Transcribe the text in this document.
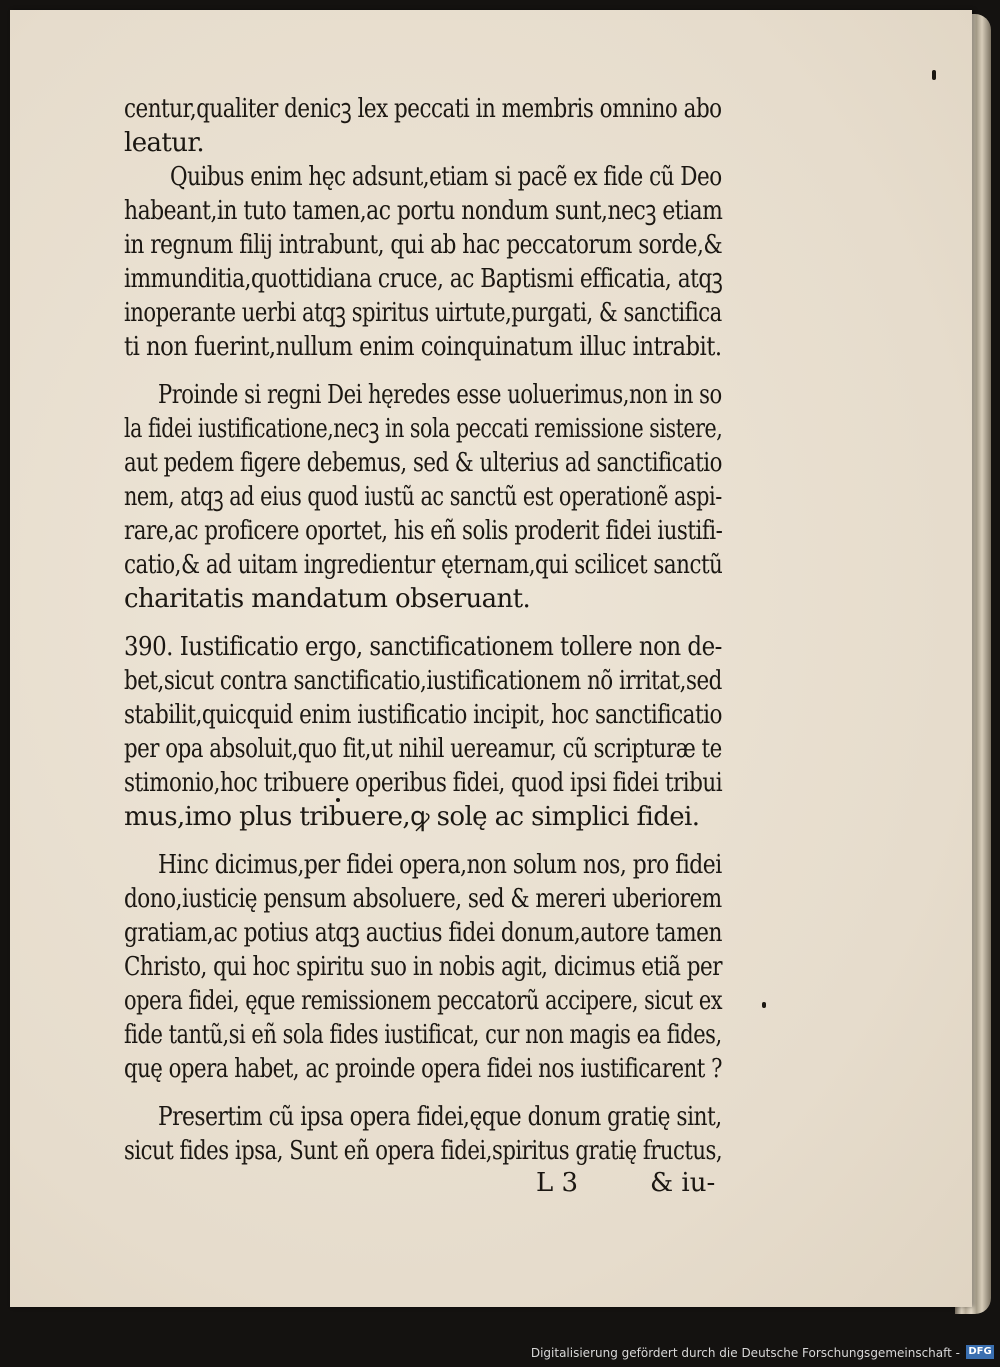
centur,qualiter denicꝫ lex peccati in membris omnino abo
leatur.
Quibus enim hęc adsunt,etiam si pacẽ ex fide cũ Deo
habeant,in tuto tamen,ac portu nondum sunt,necꝫ etiam
in regnum filij intrabunt, qui ab hac peccatorum sorde,&
immunditia,quottidiana cruce, ac Baptismi efficatia, atqꝫ
inoperante uerbi atqꝫ spiritus uirtute,purgati, & sanctifica
ti non fuerint,nullum enim coinquinatum illuc intrabit.
Proinde si regni Dei hęredes esse uoluerimus,non in so
la fidei iustificatione,necꝫ in sola peccati remissione sistere,
aut pedem figere debemus, sed & ulterius ad sanctificatio
nem, atqꝫ ad eius quod iustũ ac sanctũ est operationẽ aspi-
rare,ac proficere oportet, his eñ solis proderit fidei iustifi-
catio,& ad uitam ingredientur ęternam,qui scilicet sanctũ
charitatis mandatum obseruant.
390. Iustificatio ergo, sanctificationem tollere non de-
bet,sicut contra sanctificatio,iustificationem nõ irritat,sed
stabilit,quicquid enim iustificatio incipit, hoc sanctificatio
per opa absoluit,quo fit,ut nihil uereamur, cũ scripturæ te
stimonio,hoc tribuere operibus fidei, quod ipsi fidei tribui
mus,imo plus tribuere,ꝙ solę ac simplici fidei.
Hinc dicimus,per fidei opera,non solum nos, pro fidei
dono,iusticię pensum absoluere, sed & mereri uberiorem
gratiam,ac potius atqꝫ auctius fidei donum,autore tamen
Christo, qui hoc spiritu suo in nobis agit, dicimus etiã per
opera fidei, ęque remissionem peccatorũ accipere, sicut ex
fide tantũ,si eñ sola fides iustificat, cur non magis ea fides,
quę opera habet, ac proinde opera fidei nos iustificarent ?
Presertim cũ ipsa opera fidei,ęque donum gratię sint,
sicut fides ipsa, Sunt eñ opera fidei,spiritus gratię fructus,
L 3	& iu-
Digitalisierung gefördert durch die Deutsche Forschungsgemeinschaft - DFG
